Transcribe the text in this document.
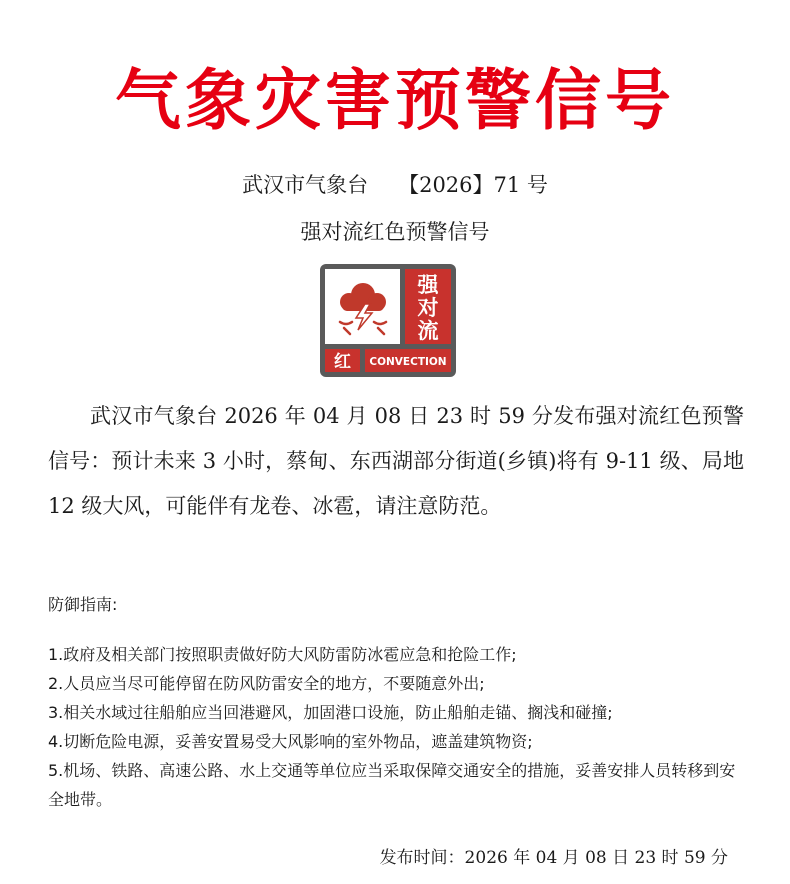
气象灾害预警信号
武汉市气象台 【2026】71 号
强对流红色预警信号
强
对
流
红 CONVECTION

武汉市气象台 2026 年 04 月 08 日 23 时 59 分发布强对流红色预警信号：预计未来 3 小时，蔡甸、东西湖部分街道(乡镇)将有 9-11 级、局地 12 级大风，可能伴有龙卷、冰雹，请注意防范。

防御指南:
1.政府及相关部门按照职责做好防大风防雷防冰雹应急和抢险工作;
2.人员应当尽可能停留在防风防雷安全的地方，不要随意外出;
3.相关水域过往船舶应当回港避风，加固港口设施，防止船舶走锚、搁浅和碰撞;
4.切断危险电源，妥善安置易受大风影响的室外物品，遮盖建筑物资;
5.机场、铁路、高速公路、水上交通等单位应当采取保障交通安全的措施，妥善安排人员转移到安全地带。
发布时间：2026 年 04 月 08 日 23 时 59 分
